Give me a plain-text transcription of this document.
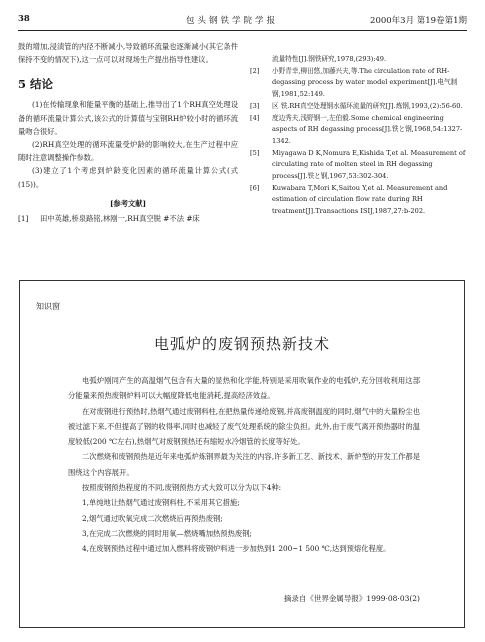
38	包头钢铁学院学报	2000年3月 第19卷第1期

鼓的增加,浸渍管的内径不断减小,导致循环流量也逐渐减小(其它条件保持不变的情况下),这一点可以对现场生产提出指导性建议。

5 结论

(1)在传输现象和能量平衡的基础上,推导出了1个RH真空处理设备的循环流量计算公式,该公式的计算值与宝钢RH炉较小时的循环流量吻合很好。

(2)RH真空处理的循环流量受炉龄的影响较大,在生产过程中应随时注意调整操作参数。

(3)建立了1个考虑到炉龄变化因素的循环流量计算公式(式(15))。

[参考文献]
[1]	田中英雄,桥泉路铭,林刚一,RH真空脱 #不法 #床
流量特性[J].钢铁研究,1978,(293):49.
[2]	小野青幸,柳田悠,加藤兴夫,等.The circulation rate of RH-degassing process by water model experiment[J].电气制钢,1981,52:149.
[3]	区 铁.RH真空处理钢水循环流量的研究[J].炼钢,1993,(2):56-60.
[4]	度边秀夫,浅野钢一,左伯毅.Some chemical engineering aspects of RH degassing process[J].铁と钢,1968,54:1327-1342.
[5]	Miyagawa D K,Nomura E,Kishida T,et al. Measurement of circulating rate of molten steel in RH degassing process[J].铁と钢,1967,53:302-304.
[6]	Kuwabara T,Mori K,Saitou Y,et al. Measurement and estimation of circulation flow rate during RH treatment[J].Transactions ISIJ,1987,27:b-202.
知识窗
电弧炉的废钢预热新技术

电弧炉刚同产生的高温烟气包含有大量的显热和化学能,特别是采用吹氧作业的电弧炉,充分回收利用这部分能量来预热废钢炉料可以大幅度降低电能消耗,提高经济效益。

在对废钢进行预热时,热烟气通过废钢料柱,在把热量传递给废钢,并高废钢温度的同时,烟气中的大量粉尘也被过滤下来,不但提高了钢的收得率,同时也减轻了废气处理系统的除尘负担。此外,由于废气离开预热器时的温度较低(200 ℃左右),热烟气对废钢预热还有缩短水冷烟管的长度等好处。

二次燃烧和废钢预热是近年来电弧炉炼钢界最为关注的内容,许多新工艺、新技术、新炉型的开发工作都是围绕这个内容展开。

按照废钢预热程度的不同,废钢预热方式大致可以分为以下4种:

1,单纯地让热烟气通过废钢料柱,不采用其它措施;

2,烟气通过吹氧完成二次燃烧后再预热废钢;

3,在完成二次燃烧的同时用氧—燃烧嘴加热预热废钢;

4,在废钢预热过程中通过加入燃料将废钢炉料进一步加热到1 200~1 500 ℃,达到预熔化程度。

摘录自《世界金属导报》1999·08·03(2)
